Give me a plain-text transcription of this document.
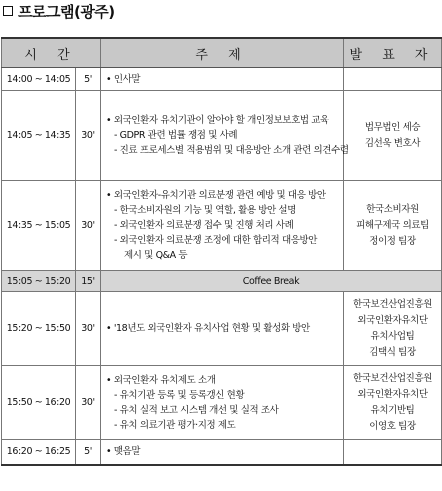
프로그램(광주)
시 간		주 제	발 표 자
14:00 ~ 14:05	5'	• 인사말	

14:05 ~ 14:35	30'	• 외국인환자 유치기관이 알아야 할 개인정보보호법 교육
- GDPR 관련 법률 쟁점 및 사례
- 진료 프로세스별 적용범위 및 대응방안 소개 관련 의견수렴	법무법인 세승
김선욱 변호사

14:35 ~ 15:05	30'	• 외국인환자-유치기관 의료분쟁 관련 예방 및 대응 방안
- 한국소비자원의 기능 및 역할, 활용 방안 설명
- 외국인환자 의료분쟁 접수 및 진행 처리 사례
- 외국인환자 의료분쟁 조정에 대한 합리적 대응방안
제시 및 Q&A 등	한국소비자원
피해구제국 의료팀
정이정 팀장

15:05 ~ 15:20	15'	Coffee Break	
15:20 ~ 15:50	30'	• '18년도 외국인환자 유치사업 현황 및 활성화 방안	한국보건산업진흥원
외국인환자유치단
유치사업팀
김택식 팀장

15:50 ~ 16:20	30'	• 외국인환자 유치제도 소개
- 유치기관 등록 및 등록갱신 현황
- 유치 실적 보고 시스템 개선 및 실적 조사
- 유치 의료기관 평가·지정 제도	한국보건산업진흥원
외국인환자유치단
유치기반팀
이영호 팀장

16:20 ~ 16:25	5'	• 맺음말	
